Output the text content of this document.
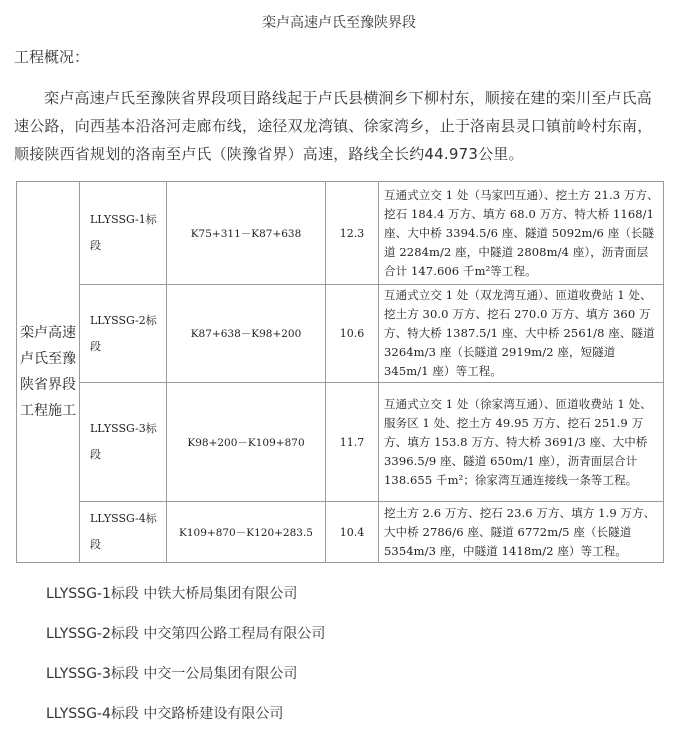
栾卢高速卢氏至豫陕界段
工程概况：

栾卢高速卢氏至豫陕省界段项目路线起于卢氏县横涧乡下柳村东，顺接在建的栾川至卢氏高速公路，向西基本沿洛河走廊布线，途径双龙湾镇、徐家湾乡，止于洛南县灵口镇前岭村东南，顺接陕西省规划的洛南至卢氏（陕豫省界）高速，路线全长约44.973公里。

栾卢高速卢氏至豫陕省界段工程施工	LLYSSG-1标段	K75+311－K87+638	12.3	互通式立交 1 处（马家凹互通）、挖土方 21.3 万方、挖石 184.4 万方、填方 68.0 万方、特大桥 1168/1 座、大中桥 3394.5/6 座、隧道 5092m/6 座（长隧道 2284m/2 座，中隧道 2808m/4 座），沥青面层合计 147.606 千m²等工程。
	LLYSSG-2标段	K87+638－K98+200	10.6	互通式立交 1 处（双龙湾互通）、匝道收费站 1 处、挖土方 30.0 万方、挖石 270.0 万方、填方 360 万方、特大桥 1387.5/1 座、大中桥 2561/8 座、隧道 3264m/3 座（长隧道 2919m/2 座，短隧道 345m/1 座）等工程。
	LLYSSG-3标段	K98+200－K109+870	11.7	互通式立交 1 处（徐家湾互通）、匝道收费站 1 处、服务区 1 处、挖土方 49.95 万方、挖石 251.9 万方、填方 153.8 万方、特大桥 3691/3 座、大中桥 3396.5/9 座、隧道 650m/1 座），沥青面层合计 138.655 千m²；徐家湾互通连接线一条等工程。
	LLYSSG-4标段	K109+870－K120+283.5	10.4	挖土方 2.6 万方、挖石 23.6 万方、填方 1.9 万方、大中桥 2786/6 座、隧道 6772m/5 座（长隧道 5354m/3 座，中隧道 1418m/2 座）等工程。
LLYSSG-1标段 中铁大桥局集团有限公司
LLYSSG-2标段 中交第四公路工程局有限公司
LLYSSG-3标段 中交一公局集团有限公司
LLYSSG-4标段 中交路桥建设有限公司
